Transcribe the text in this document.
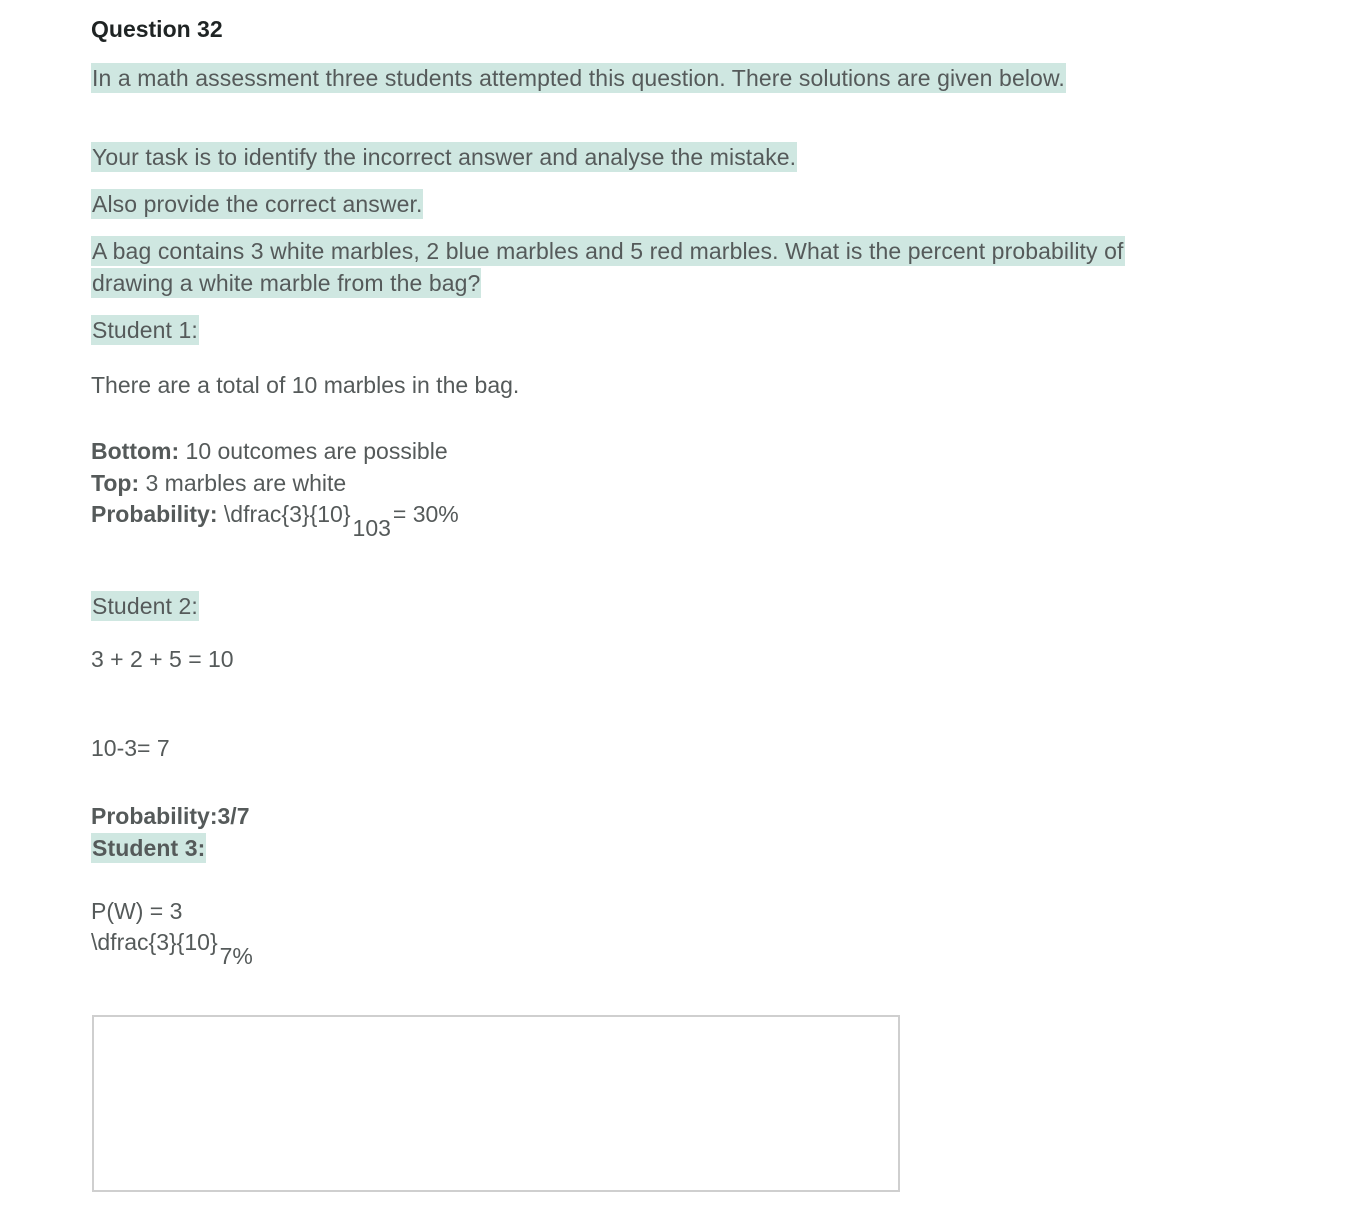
Question 32

In a math assessment three students attempted this question. There solutions are given below.

Your task is to identify the incorrect answer and analyse the mistake.

Also provide the correct answer.

A bag contains 3 white marbles, 2 blue marbles and 5 red marbles. What is the percent probability of drawing a white marble from the bag?

Student 1:

There are a total of 10 marbles in the bag.

Bottom: 10 outcomes are possible

Top: 3 marbles are white

Probability: \dfrac{3}{10}103= 30%

Student 2:

3 + 2 + 5 = 10

10-3= 7

Probability:3/7

Student 3:

P(W) = 3

\dfrac{3}{10}7%
